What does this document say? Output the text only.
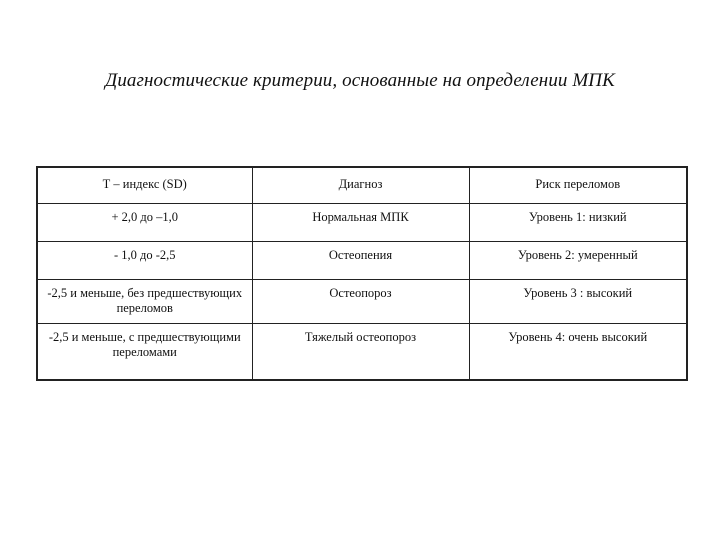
Диагностические критерии, основанные на определении МПК
Т – индекс (SD)	Диагноз	Риск переломов
+ 2,0 до –1,0	Нормальная МПК	Уровень 1: низкий
- 1,0 до -2,5	Остеопения	Уровень 2: умеренный
-2,5 и меньше, без предшествующих переломов	Остеопороз	Уровень 3 : высокий
-2,5 и меньше, с предшествующими переломами	Тяжелый остеопороз	Уровень 4: очень высокий
